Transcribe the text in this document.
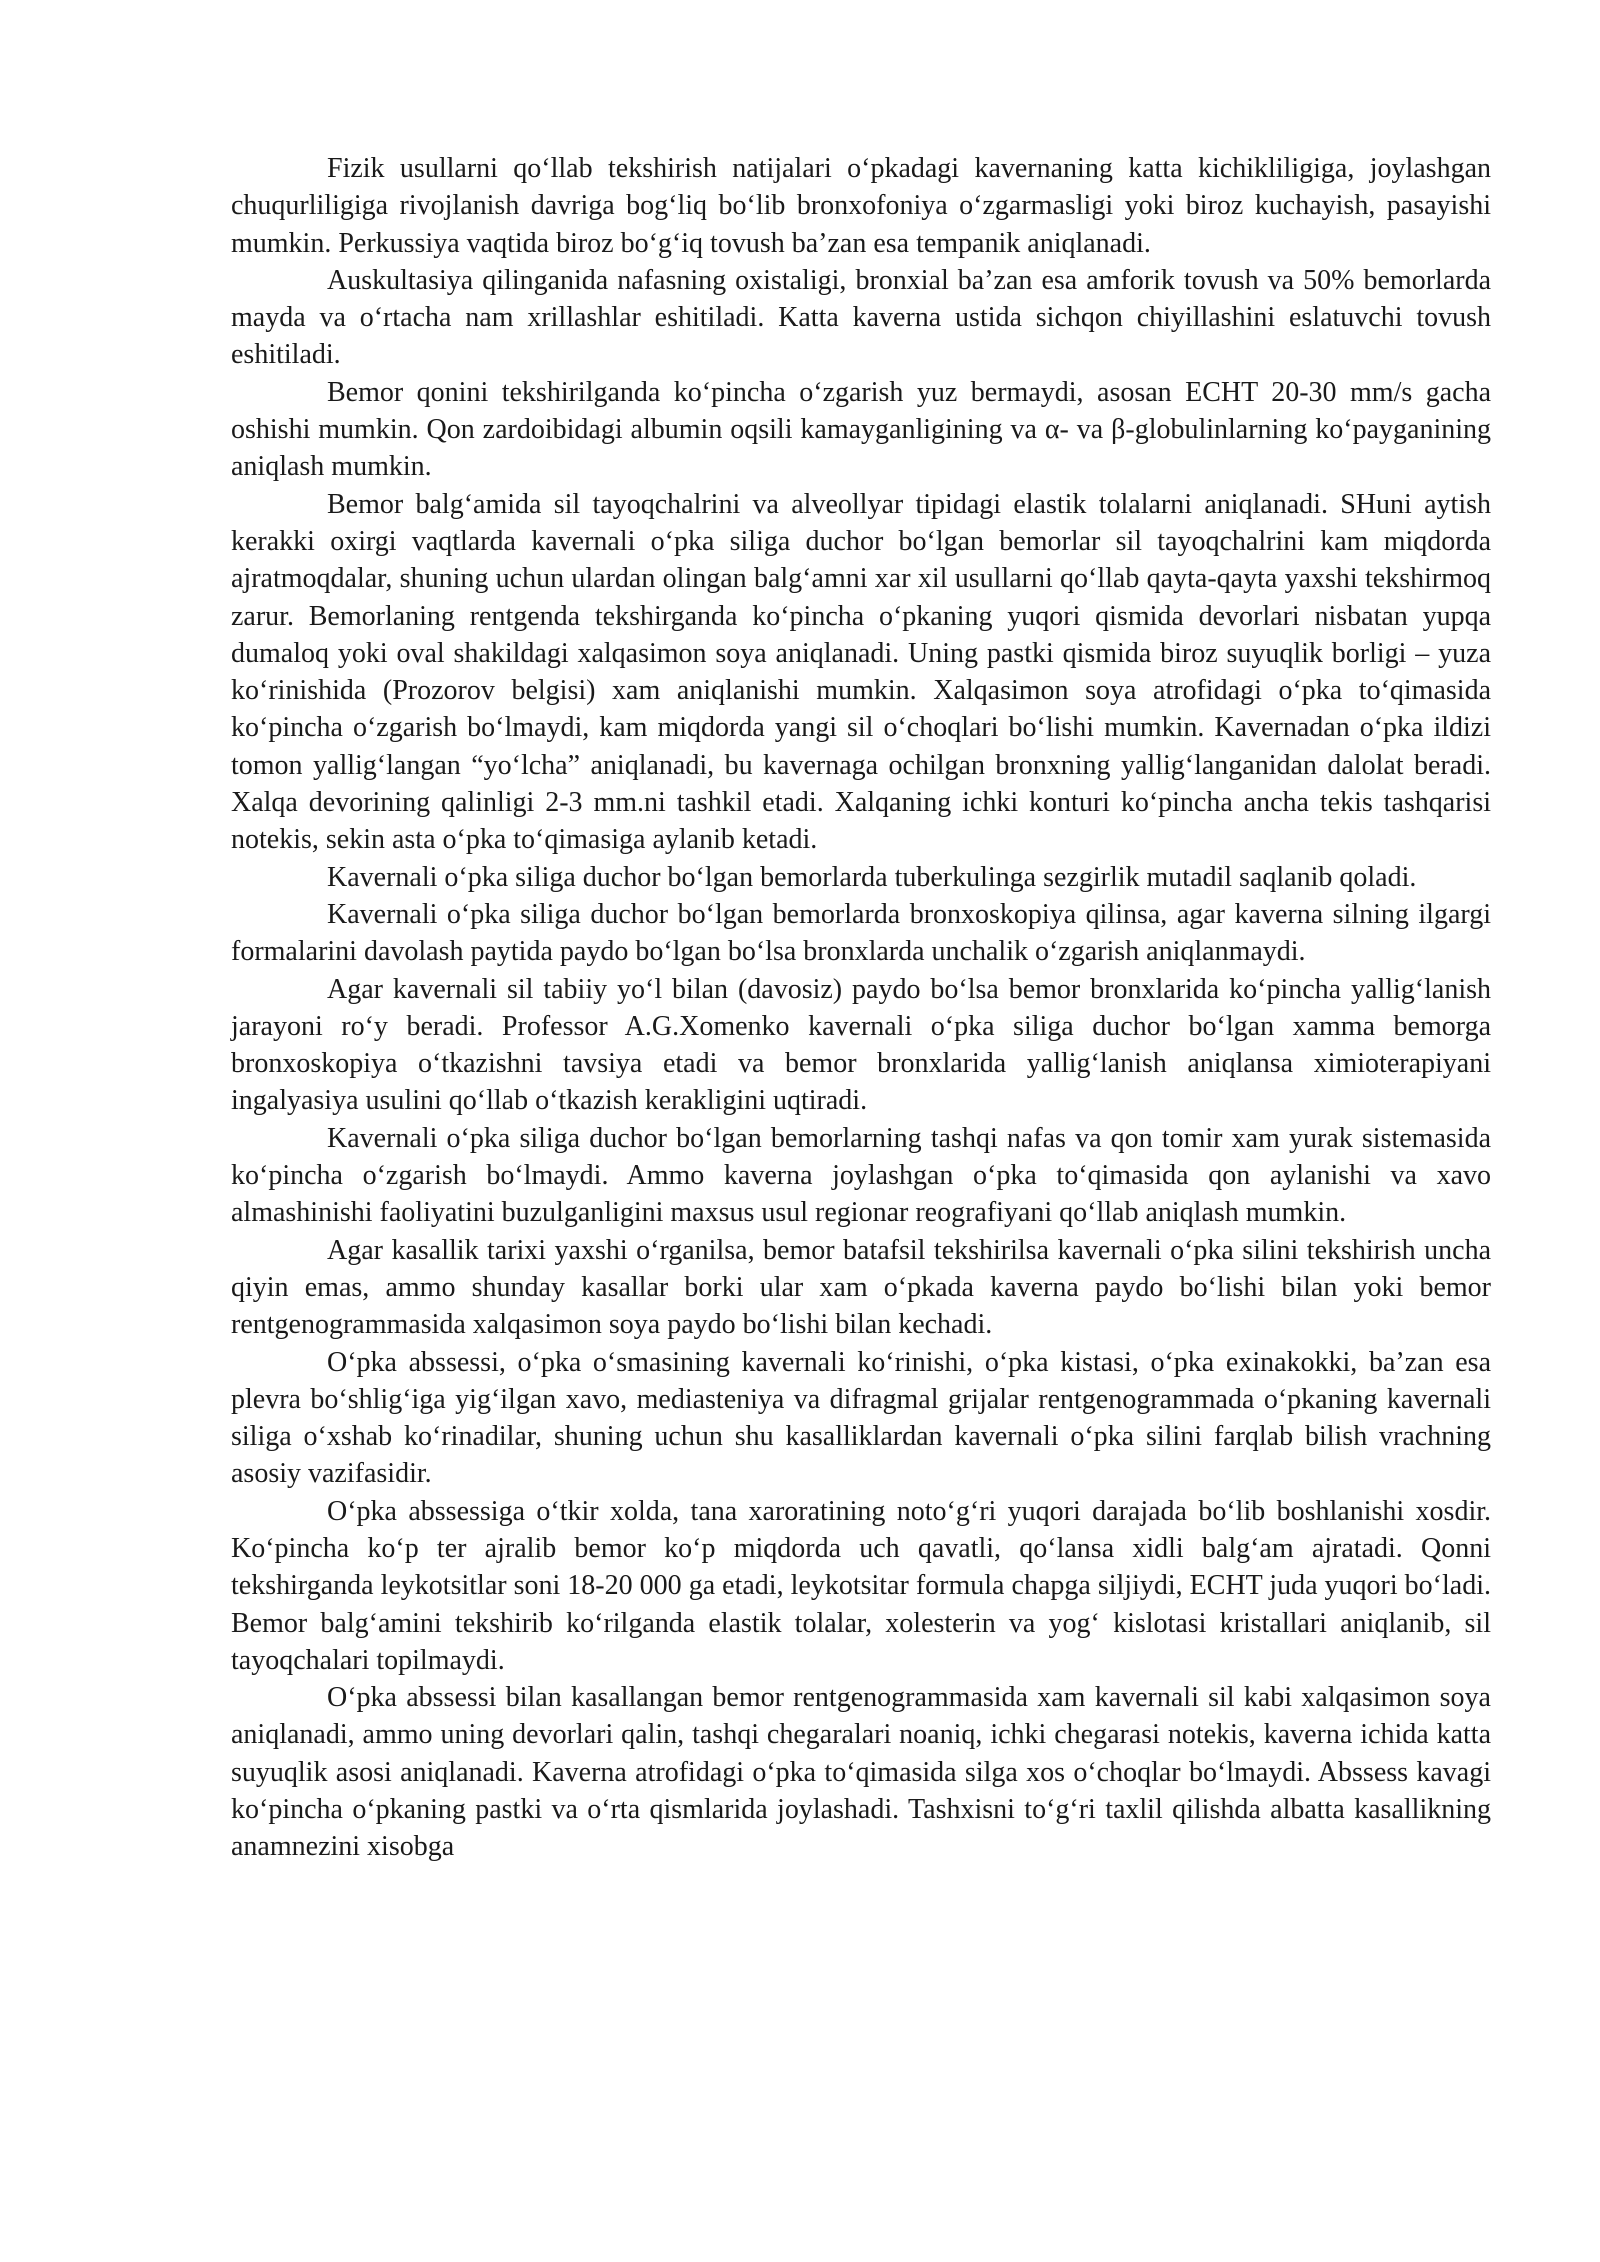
Fizik usullarni qo‘llab tekshirish natijalari o‘pkadagi kavernaning katta kichikliligiga, joylashgan chuqurliligiga rivojlanish davriga bog‘liq bo‘lib bronxofoniya o‘zgarmasligi yoki biroz kuchayish, pasayishi mumkin. Perkussiya vaqtida biroz bo‘g‘iq tovush ba’zan esa tempanik aniqlanadi.

Auskultasiya qilinganida nafasning oxistaligi, bronxial ba’zan esa amforik tovush va 50% bemorlarda mayda va o‘rtacha nam xrillashlar eshitiladi. Katta kaverna ustida sichqon chiyillashini eslatuvchi tovush eshitiladi.

Bemor qonini tekshirilganda ko‘pincha o‘zgarish yuz bermaydi, asosan ECHT 20-30 mm/s gacha oshishi mumkin. Qon zardoibidagi albumin oqsili kamayganligining va α- va β-globulinlarning ko‘payganining aniqlash mumkin.

Bemor balg‘amida sil tayoqchalrini va alveollyar tipidagi elastik tolalarni aniqlanadi. SHuni aytish kerakki oxirgi vaqtlarda kavernali o‘pka siliga duchor bo‘lgan bemorlar sil tayoqchalrini kam miqdorda ajratmoqdalar, shuning uchun ulardan olingan balg‘amni xar xil usullarni qo‘llab qayta-qayta yaxshi tekshirmoq zarur. Bemorlaning rentgenda tekshirganda ko‘pincha o‘pkaning yuqori qismida devorlari nisbatan yupqa dumaloq yoki oval shakildagi xalqasimon soya aniqlanadi. Uning pastki qismida biroz suyuqlik borligi – yuza ko‘rinishida (Prozorov belgisi) xam aniqlanishi mumkin. Xalqasimon soya atrofidagi o‘pka to‘qimasida ko‘pincha o‘zgarish bo‘lmaydi, kam miqdorda yangi sil o‘choqlari bo‘lishi mumkin. Kavernadan o‘pka ildizi tomon yallig‘langan “yo‘lcha” aniqlanadi, bu kavernaga ochilgan bronxning yallig‘langanidan dalolat beradi. Xalqa devorining qalinligi 2-3 mm.ni tashkil etadi. Xalqaning ichki konturi ko‘pincha ancha tekis tashqarisi notekis, sekin asta o‘pka to‘qimasiga aylanib ketadi.

Kavernali o‘pka siliga duchor bo‘lgan bemorlarda tuberkulinga sezgirlik mutadil saqlanib qoladi.

Kavernali o‘pka siliga duchor bo‘lgan bemorlarda bronxoskopiya qilinsa, agar kaverna silning ilgargi formalarini davolash paytida paydo bo‘lgan bo‘lsa bronxlarda unchalik o‘zgarish aniqlanmaydi.

Agar kavernali sil tabiiy yo‘l bilan (davosiz) paydo bo‘lsa bemor bronxlarida ko‘pincha yallig‘lanish jarayoni ro‘y beradi. Professor A.G.Xomenko kavernali o‘pka siliga duchor bo‘lgan xamma bemorga bronxoskopiya o‘tkazishni tavsiya etadi va bemor bronxlarida yallig‘lanish aniqlansa ximioterapiyani ingalyasiya usulini qo‘llab o‘tkazish kerakligini uqtiradi.

Kavernali o‘pka siliga duchor bo‘lgan bemorlarning tashqi nafas va qon tomir xam yurak sistemasida ko‘pincha o‘zgarish bo‘lmaydi. Ammo kaverna joylashgan o‘pka to‘qimasida qon aylanishi va xavo almashinishi faoliyatini buzulganligini maxsus usul regionar reografiyani qo‘llab aniqlash mumkin.

Agar kasallik tarixi yaxshi o‘rganilsa, bemor batafsil tekshirilsa kavernali o‘pka silini tekshirish uncha qiyin emas, ammo shunday kasallar borki ular xam o‘pkada kaverna paydo bo‘lishi bilan yoki bemor rentgenogrammasida xalqasimon soya paydo bo‘lishi bilan kechadi.

O‘pka abssessi, o‘pka o‘smasining kavernali ko‘rinishi, o‘pka kistasi, o‘pka exinakokki, ba’zan esa plevra bo‘shlig‘iga yig‘ilgan xavo, mediasteniya va difragmal grijalar rentgenogrammada o‘pkaning kavernali siliga o‘xshab ko‘rinadilar, shuning uchun shu kasalliklardan kavernali o‘pka silini farqlab bilish vrachning asosiy vazifasidir.

O‘pka abssessiga o‘tkir xolda, tana xaroratining noto‘g‘ri yuqori darajada bo‘lib boshlanishi xosdir. Ko‘pincha ko‘p ter ajralib bemor ko‘p miqdorda uch qavatli, qo‘lansa xidli balg‘am ajratadi. Qonni tekshirganda leykotsitlar soni 18-20 000 ga etadi, leykotsitar formula chapga siljiydi, ECHT juda yuqori bo‘ladi. Bemor balg‘amini tekshirib ko‘rilganda elastik tolalar, xolesterin va yog‘ kislotasi kristallari aniqlanib, sil tayoqchalari topilmaydi.

O‘pka abssessi bilan kasallangan bemor rentgenogrammasida xam kavernali sil kabi xalqasimon soya aniqlanadi, ammo uning devorlari qalin, tashqi chegaralari noaniq, ichki chegarasi notekis, kaverna ichida katta suyuqlik asosi aniqlanadi. Kaverna atrofidagi o‘pka to‘qimasida silga xos o‘choqlar bo‘lmaydi. Abssess kavagi ko‘pincha o‘pkaning pastki va o‘rta qismlarida joylashadi. Tashxisni to‘g‘ri taxlil qilishda albatta kasallikning anamnezini xisobga
